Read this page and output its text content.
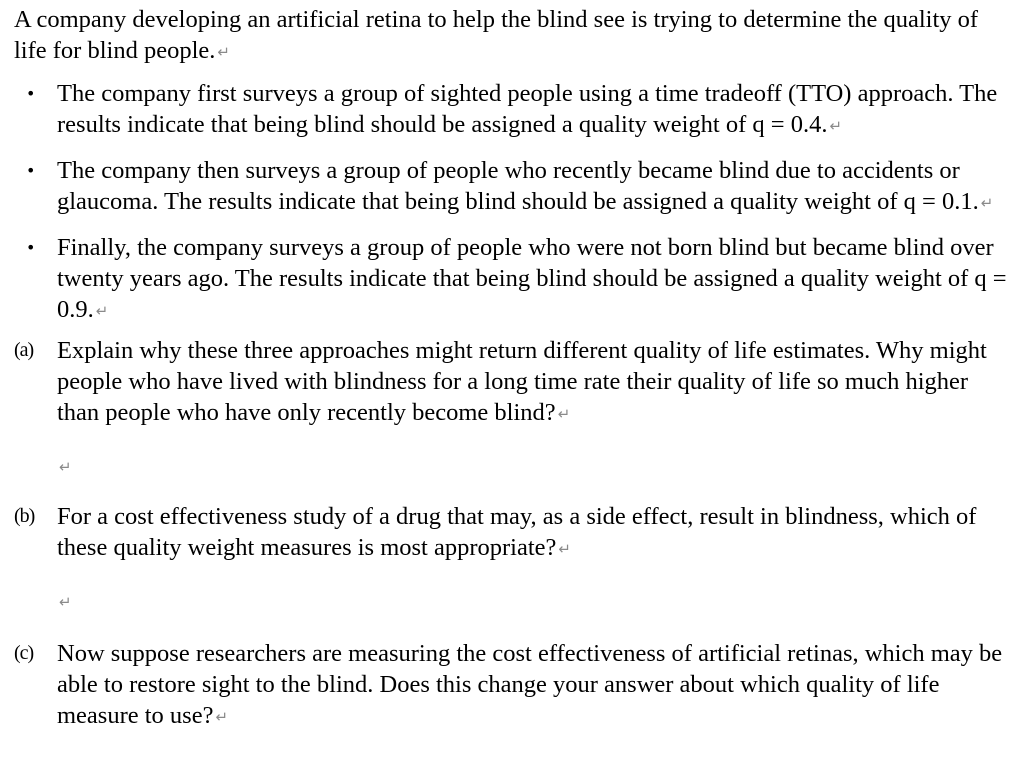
A company developing an artificial retina to help the blind see is trying to determine the quality of life for blind people. ↵

• The company first surveys a group of sighted people using a time tradeoff (TTO) approach. The results indicate that being blind should be assigned a quality weight of q = 0.4. ↵
• The company then surveys a group of people who recently became blind due to accidents or glaucoma. The results indicate that being blind should be assigned a quality weight of q = 0.1. ↵
• Finally, the company surveys a group of people who were not born blind but became blind over twenty years ago. The results indicate that being blind should be assigned a quality weight of q = 0.9. ↵
(a) Explain why these three approaches might return different quality of life estimates. Why might people who have lived with blindness for a long time rate their quality of life so much higher than people who have only recently become blind? ↵
↵
(b) For a cost effectiveness study of a drug that may, as a side effect, result in blindness, which of these quality weight measures is most appropriate? ↵
↵
(c) Now suppose researchers are measuring the cost effectiveness of artificial retinas, which may be able to restore sight to the blind. Does this change your answer about which quality of life measure to use? ↵
